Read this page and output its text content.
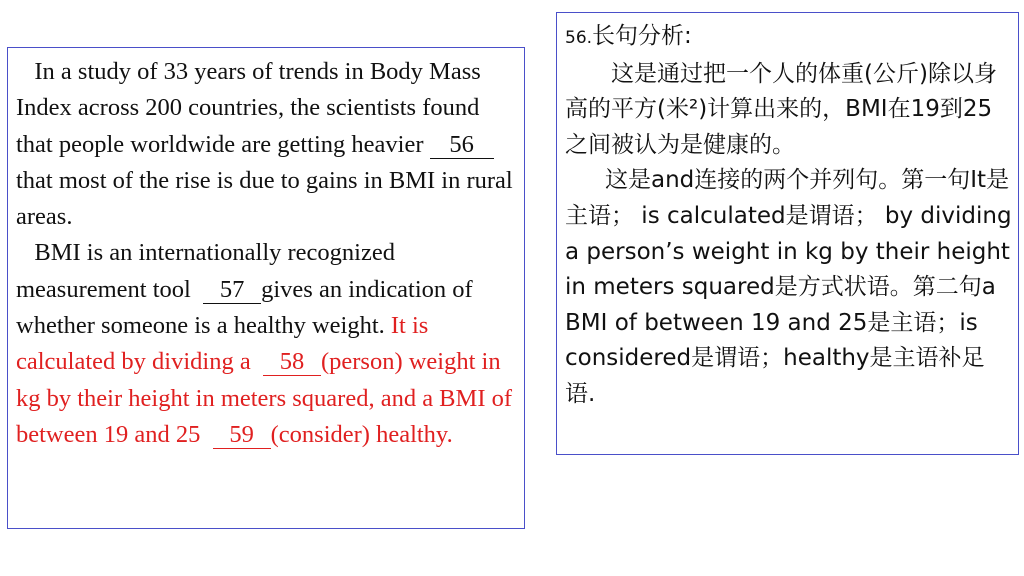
In a study of 33 years of trends in Body Mass Index across 200 countries, the scientists found that people worldwide are getting heavier 56that most of the rise is due to gains in BMI in rural areas.

BMI is an internationally recognized measurement tool 57 gives an indication of whether someone is a healthy weight. It is calculated by dividing a 58 (person) weight in kg by their height in meters squared, and a BMI of between 19 and 25 59 (consider) healthy.

56.长句分析:

这是通过把一个人的体重(公斤)除以身高的平方(米²)计算出来的，BMI在19到25之间被认为是健康的。

这是and连接的两个并列句。第一句It是主语； is calculated是谓语； by dividing a person’s weight in kg by their height in meters squared是方式状语。第二句a BMI of between 19 and 25是主语；is considered是谓语；healthy是主语补足语.
